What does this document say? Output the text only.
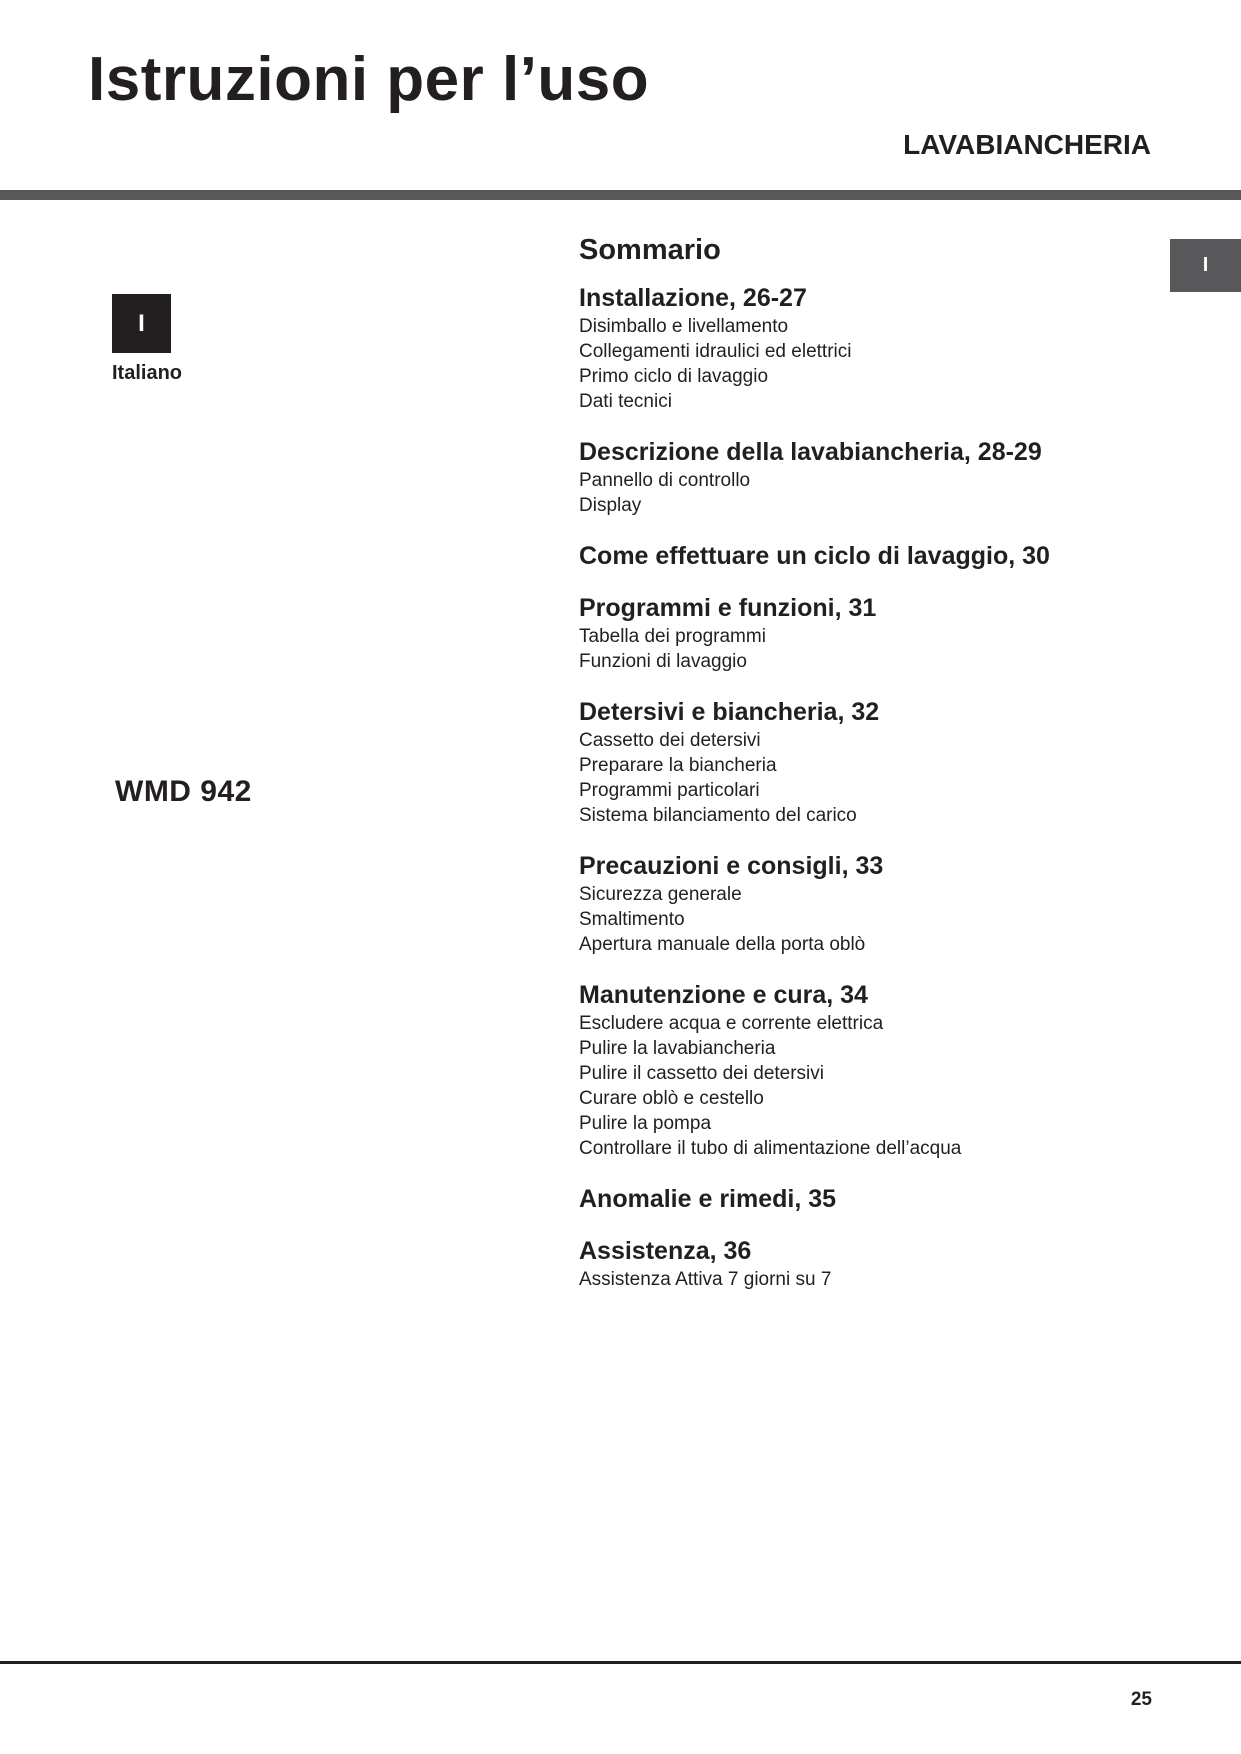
Istruzioni per l’uso
LAVABIANCHERIA
I
Italiano
I
WMD 942
Sommario
Installazione, 26-27
Disimballo e livellamento
Collegamenti idraulici ed elettrici
Primo ciclo di lavaggio
Dati tecnici
Descrizione della lavabiancheria, 28-29
Pannello di controllo
Display
Come effettuare un ciclo di lavaggio, 30
Programmi e funzioni, 31
Tabella dei programmi
Funzioni di lavaggio
Detersivi e biancheria, 32
Cassetto dei detersivi
Preparare la biancheria
Programmi particolari
Sistema bilanciamento del carico
Precauzioni e consigli, 33
Sicurezza generale
Smaltimento
Apertura manuale della porta oblò
Manutenzione e cura, 34
Escludere acqua e corrente elettrica
Pulire la lavabiancheria
Pulire il cassetto dei detersivi
Curare oblò e cestello
Pulire la pompa
Controllare il tubo di alimentazione dell’acqua
Anomalie e rimedi, 35
Assistenza, 36
Assistenza Attiva 7 giorni su 7
25
